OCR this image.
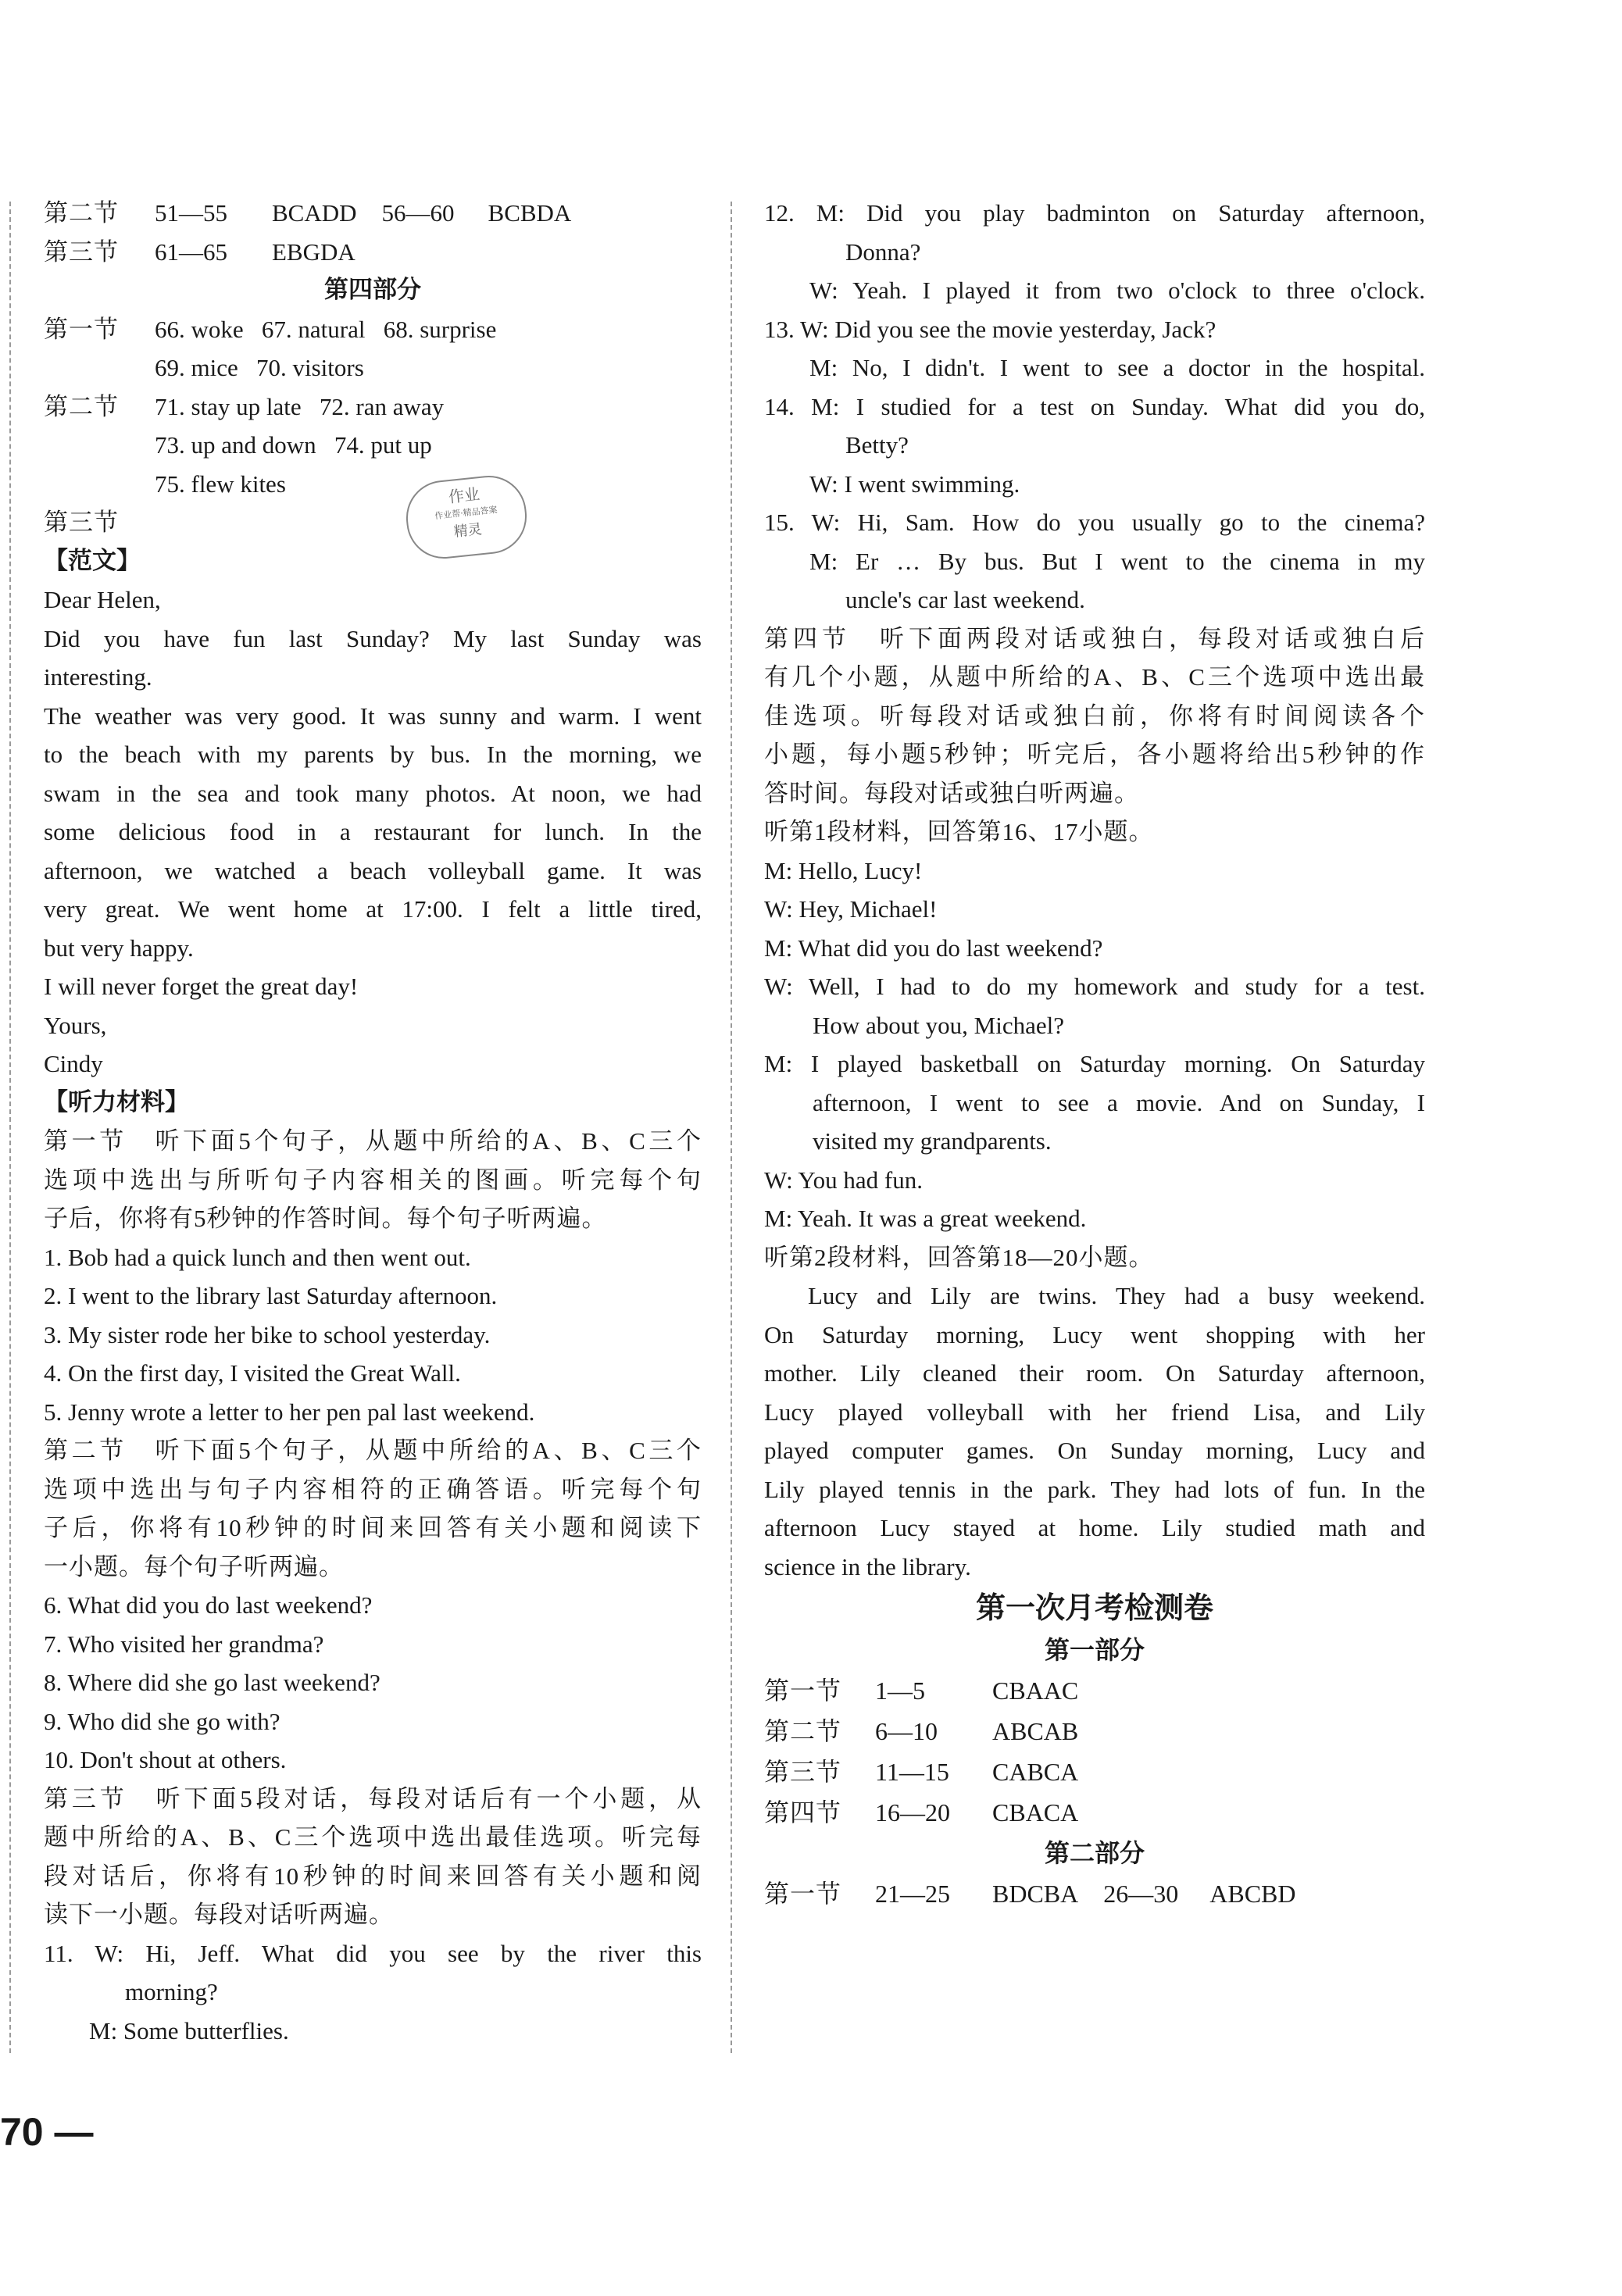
作业
作业帮·精品答案
精灵
第二节 51—55 BCADD 56—60 BCBDA
第三节 61—65 EBGDA
第四部分
第一节 66. woke   67. natural   68. surprise
69. mice   70. visitors
第二节 71. stay up late   72. ran away
73. up and down   74. put up
75. flew kites
第三节
【范文】
Dear Helen,
Did you have fun last Sunday? My last Sunday was
interesting.
The weather was very good. It was sunny and warm. I went
to the beach with my parents by bus. In the morning, we
swam in the sea and took many photos. At noon, we had
some delicious food in a restaurant for lunch. In the
afternoon, we watched a beach volleyball game. It was
very great. We went home at 17:00. I felt a little tired,
but very happy.
I will never forget the great day!
Yours,
Cindy
【听力材料】
第一节　听下面5个句子，从题中所给的A、B、C三个
选项中选出与所听句子内容相关的图画。听完每个句
子后，你将有5秒钟的作答时间。每个句子听两遍。
1. Bob had a quick lunch and then went out.
2. I went to the library last Saturday afternoon.
3. My sister rode her bike to school yesterday.
4. On the first day, I visited the Great Wall.
5. Jenny wrote a letter to her pen pal last weekend.
第二节　听下面5个句子，从题中所给的A、B、C三个
选项中选出与句子内容相符的正确答语。听完每个句
子后，你将有10秒钟的时间来回答有关小题和阅读下
一小题。每个句子听两遍。
6. What did you do last weekend?
7. Who visited her grandma?
8. Where did she go last weekend?
9. Who did she go with?
10. Don't shout at others.
第三节　听下面5段对话，每段对话后有一个小题，从
题中所给的A、B、C三个选项中选出最佳选项。听完每
段对话后，你将有10秒钟的时间来回答有关小题和阅
读下一小题。每段对话听两遍。
11. W: Hi, Jeff. What did you see by the river this
morning?
M: Some butterflies.
12. M: Did you play badminton on Saturday afternoon,
Donna?
W: Yeah. I played it from two o'clock to three o'clock.
13. W: Did you see the movie yesterday, Jack?
M: No, I didn't. I went to see a doctor in the hospital.
14. M: I studied for a test on Sunday. What did you do,
Betty?
W: I went swimming.
15. W: Hi, Sam. How do you usually go to the cinema?
M: Er … By bus. But I went to the cinema in my
uncle's car last weekend.
第四节　听下面两段对话或独白，每段对话或独白后
有几个小题，从题中所给的A、B、C三个选项中选出最
佳选项。听每段对话或独白前，你将有时间阅读各个
小题，每小题5秒钟；听完后，各小题将给出5秒钟的作
答时间。每段对话或独白听两遍。
听第1段材料，回答第16、17小题。
M: Hello, Lucy!
W: Hey, Michael!
M: What did you do last weekend?
W: Well, I had to do my homework and study for a test.
How about you, Michael?
M: I played basketball on Saturday morning. On Saturday
afternoon, I went to see a movie. And on Sunday, I
visited my grandparents.
W: You had fun.
M: Yeah. It was a great weekend.
听第2段材料，回答第18—20小题。
Lucy and Lily are twins. They had a busy weekend.
On Saturday morning, Lucy went shopping with her
mother. Lily cleaned their room. On Saturday afternoon,
Lucy played volleyball with her friend Lisa, and Lily
played computer games. On Sunday morning, Lucy and
Lily played tennis in the park. They had lots of fun. In the
afternoon Lucy stayed at home. Lily studied math and
science in the library.
第一次月考检测卷
第一部分
第一节 1—5	CBAAC
第二节 6—10 ABCAB
第三节 11—15 CABCA
第四节 16—20 CBACA
第二部分
第一节 21—25 BDCBA 26—30 ABCBD
70 —
